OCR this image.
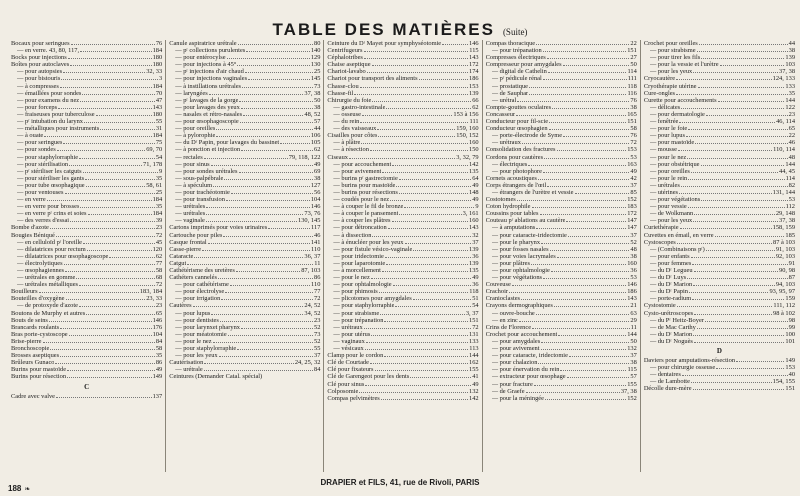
TABLE DES MATIÈRES (Suite)
Bocaux pour seringues	76
— en verre. 43, 80, 117,	184
Bocks pour injections	180
Boîtes pour autoclaves	180
— pour autopsies	32, 33
— pour bistouris	3
— à compresses	184
— émaillées pour sondes	70
— pour examens du nez	47
— pour forceps	143
— fraiseuses pour tuberculose	180
— pʳ intubation du larynx	55
— métalliques pour instruments	31
— à ouate	184
— pour seringues	75
— pour sondes	69, 70
— pour staphylorraphie	54
— pour stérilisation	71, 178
— pʳ stériliser les catguts	9
— pour stériliser les gants	35
— pour tube œsophagique	58, 61
— pour ventouses	25
— en verre	184
— en verre pour brosses	35
— en verre pʳ crins et soies	184
— des verres d'essai	39
Bombe d'azote	23
Bougies Béniqué	72
— en celluloïd pʳ l'oreille	45
— dilatatrices pour rectum	120
— dilatatrices pour œsophagoscope	62
— électrolytiques	77
— œsophagiennes	58
— urétrales en gomme	68
— urétrales métalliques	72
Bouilleurs	183, 184
Bouteilles d'oxygène	23, 33
— de protoxyde d'azote	23
Boutons de Murphy et autres	65
Bouts de seins	146
Brancards roulants	176
Bras porte-cystoscope	104
Brise-pierre	84
Bronchoscopie	58
Brosses aseptiques	35
Brûleurs Gunaco	86
Burins pour mastoïde	49
Burins pour résection	149
C
Cadre avec valve	137
Canule aspiratrice urétrale	80
— pʳ collections purulentes	140
— pour entérocylse	129
— pour injections à 45°	130
— pʳ injections d'air chaud	25
— pour injections vaginales	145
— à instillations urétrales	73
— laryngées	37, 38
— pʳ lavages de la gorge	50
— pour lavages des yeux	38
— nasales et rétro-nasales	48, 52
— pour œsophagoscopie	57
— pour oreilles	44
— à pylorophie	106
— du Dʳ Papin, pour lavages du bassinet	105
— à ponction et injection	62
— rectales	79, 118, 122
— pour sinus	49
— pour sondes urétrales	69
— sous-palpébrale	38
— à spéculum	127
— pour trachéotomie	56
— pour transfusion	104
— urétrales	146
— urétrales	73, 76
— vaginale	130, 145
Cartons imprimés pour voies urinaires	117
Cartouche pour piles	46
Casque frontal	141
Casse-pierre	110
Cataracte	36, 37
Catgut	11
Cathétérisme des uretères	87, 103
Cathéters cannelés	86
— pour cathétérisme	110
— pour électrolyse	77
— pour irrigation	72
Cautères	24, 52
— pour lupus	34, 52
— pour dentistes	23
— pour larynxet pharynx	52
— pour méatotomie	73
— pour le nez	52
— pour staphylorraphie	55
— pour les yeux	37
Cautérisation	24, 25, 32
— urétrale	84
Ceintures (Demander Catal. spécial)
Ceinture du Dʳ Mayet pour symphyséotomie	146
Centrifugeurs	115
Céphalotribes	143
Chaise aseptique	172
Chariot-lavabo	174
Chariot pour transport des aliments	186
Chasse-clou	153
Chasse-fil	139
Chirurgie du foie	66
— gastro-intestinale	62
— osseuse	153 à 156
— du rein	111
— des vaisseaux	159, 160
Cisailles pour côtes	150, 152
— à plâtre	160
— à résection	150
Ciseaux	3, 32, 79
— pour accouchement	142
— pour avivement	135
— burins pʳ gastrectomie	64
— burins pour mastoïde	49
— burins pour résections	148
— coudés pour le nez	49
— à couper le fil de bronze	9
— à couper le pansement	3, 161
— à couper les plâtres	160
— pour détroncation	143
— à dissection	32
— à énucléer pour les yeux	37
— pour fistule vésico-vaginale	139
— pour iridectomie	36
— pour laparotomie	139
— à morcellement	135
— pour le nez	49
— pour ophtalmologie	36
— pour phimosis	118
— plicotomes pour amygdales	51
— pour staphylorraphie	54
— pour strabisme	3, 37
— pour trépanation	151
— urétraux	72
— pour utérus	131
— vaginaux	133
— vésicaux	113
Clamp pour le cordon	144
Clé de Courtade	162
Clé pour fixateurs	155
Clé de Garengeot pour les dents	41
Clé pour sinus	49
Colposomie	132
Compas pelvimètres	142
Compas thoracique	22
— pour trépanation	151
Compresses électriques	27
Compresseur pour amygdales	50
— digital de Cathelin	114
— pʳ pédicule rénal	111
— prostatique	118
— de Sauphar	116
— urétral	76
Compte-gouttes oculaires	38
Concasseur	165
Conducteur pour fil-scie	151
Conducteur œsophagien	58
— porte-électrode de Syme	76
— urétraux	72
Consolidation des fractures	153
Cordons pour cautères	53
— électriques	163
— pour photophore	49
Cornets acoustiques	42
Corps étrangers de l'œil	37
— étrangers de l'urètre et vessie	85
Costotomes	152
Coton hydrophile	183
Coussins pour tables	172
Couteau pʳ ablations au cautère	147
— à amputations	147
— pour cataracte-iridectomie	37
— pour le pharynx	52
— pour fosses nasales	48
— pour voies lacrymales	38
— pour plâtres	160
— pour ophtalmologie	36
— pour végétations	53
Couveuse	146
Crachoir	186
Cranioclastes	143
Crayons dermographiques	21
— ouvre-bouche	63
— en zinc	29
Crins de Florence	11
Crochet pour accouchement	144
— pour amygdales	50
— pour avivement	132
— pour cataracte, iridectomie	37
— pour chalazion	38
— pour énervation du rein	115
— extracteur pour œsophage	57
— pour fracture	155
— de Graefe	37, 38
— pour la méningée	152
Crochet pour oreilles	44
— pour strabisme	38
— pour tirer les fils	139
— pour la vessie et l'urètre	103
— pour les yeux	37, 38
Cryocautère	124, 133
Cryothérapie utérine	133
Cure-ongles	35
Curette pour accouchements	144
— délicates	122
— pour dermatologie	23
— fenêtrée	46, 114
— pour le foie	65
— pour lupus	22
— pour mastoïde	46
— mousse	110, 114
— pour le nez	48
— pour obstétrique	144
— pour oreilles	44, 45
— pour le rein	114
— urétrales	82
— utérines	131, 144
— pour végétations	53
— pour vessie	112
— de Wolkmann	29, 148
— pour les yeux	37, 38
Curiethérapie	158, 159
Cuvettes en émail, en verre	185
Cystoscopes	87 à 103
— (Combinaisons pʳ)	91, 103
— pour enfants	92, 103
— pour femmes	91
— du Dʳ Legueu	90, 98
— du Dʳ Luys	87
— du Dʳ Marion	94, 103
— du Dʳ Papin	93, 95, 97
— porte-radium	159
Cystostomie	111, 112
Cysto-urétroscopes	98 à 102
— du Pʳ Heitz-Boyer	98
— de Mac Carthy	99
— du Dʳ Marion	100
— du Dʳ Noguès	101
D
Daviers pour amputations-résection	149
— pour chirurgie osseuse	153
— dentaires	40
— de Lambotte	154, 155
Décolle dure-mère	151
188 ❧
DRAPIER et FILS, 41, rue de Rivoli, PARIS
